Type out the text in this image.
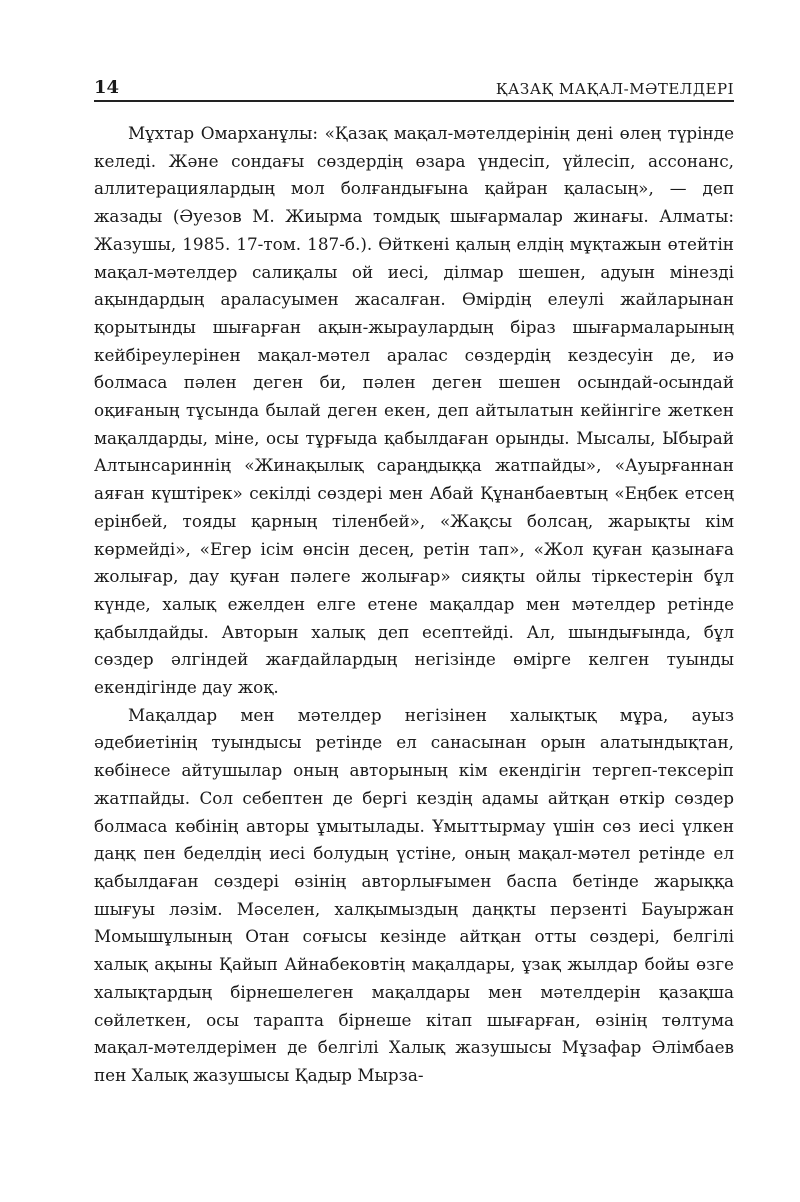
14	ҚАЗАҚ МАҚАЛ-МӘТЕЛДЕРІ

Мұхтар Омарханұлы: «Қазақ мақал-мәтелдерінің дені өлең түрінде келеді. Және сондағы сөздердің өзара үндесіп, үйлесіп, ассонанс, аллитерациялардың мол болғандығына қайран қаласың», — деп жазады (Әуезов М. Жиырма томдық шығармалар жинағы. Алматы: Жазушы, 1985. 17-том. 187-б.). Өйткені қалың елдің мұқтажын өтейтін мақал-мәтелдер салиқалы ой иесі, ділмар шешен, адуын мінезді ақындардың араласуымен жасалған. Өмірдің елеулі жайларынан қорытынды шығарған ақын-жыраулардың біраз шығармаларының кейбіреулерінен мақал-мәтел аралас сөздердің кездесуін де, иә болмаса пәлен деген би, пәлен деген шешен осындай-осындай оқиғаның тұсында былай деген екен, деп айтылатын кейінгіге жеткен мақалдарды, міне, осы тұрғыда қабылдаған орынды. Мысалы, Ыбырай Алтынсариннің «Жинақылық сараңдыққа жатпайды», «Ауырғаннан аяған күштірек» секілді сөздері мен Абай Құнанбаевтың «Еңбек етсең ерінбей, тояды қарның тіленбей», «Жақсы болсаң, жарықты кім көрмейді», «Егер ісім өнсін десең, ретін тап», «Жол қуған қазынаға жолығар, дау қуған пәлеге жолығар» сияқты ойлы тіркестерін бұл күнде, халық ежелден елге етене мақалдар мен мәтелдер ретінде қабылдайды. Авторын халық деп есептейді. Ал, шындығында, бұл сөздер әлгіндей жағдайлардың негізінде өмірге келген туынды екендігінде дау жоқ.

Мақалдар мен мәтелдер негізінен халықтық мұра, ауыз әдебиетінің туындысы ретінде ел санасынан орын алатындықтан, көбінесе айтушылар оның авторының кім екендігін тергеп-тексеріп жатпайды. Сол себептен де бергі кездің адамы айтқан өткір сөздер болмаса көбінің авторы ұмытылады. Ұмыттырмау үшін сөз иесі үлкен даңқ пен беделдің иесі болудың үстіне, оның мақал-мәтел ретінде ел қабылдаған сөздері өзінің авторлығымен баспа бетінде жарыққа шығуы ләзім. Мәселен, халқымыздың даңқты перзенті Бауыржан Момышұлының Отан соғысы кезінде айтқан отты сөздері, белгілі халық ақыны Қайып Айнабековтің мақалдары, ұзақ жылдар бойы өзге халықтардың бірнешелеген мақалдары мен мәтелдерін қазақша сөйлеткен, осы тарапта бірнеше кітап шығарған, өзінің төлтума мақал-мәтелдерімен де белгілі Халық жазушысы Мұзафар Әлімбаев пен Халық жазушысы Қадыр Мырза-
